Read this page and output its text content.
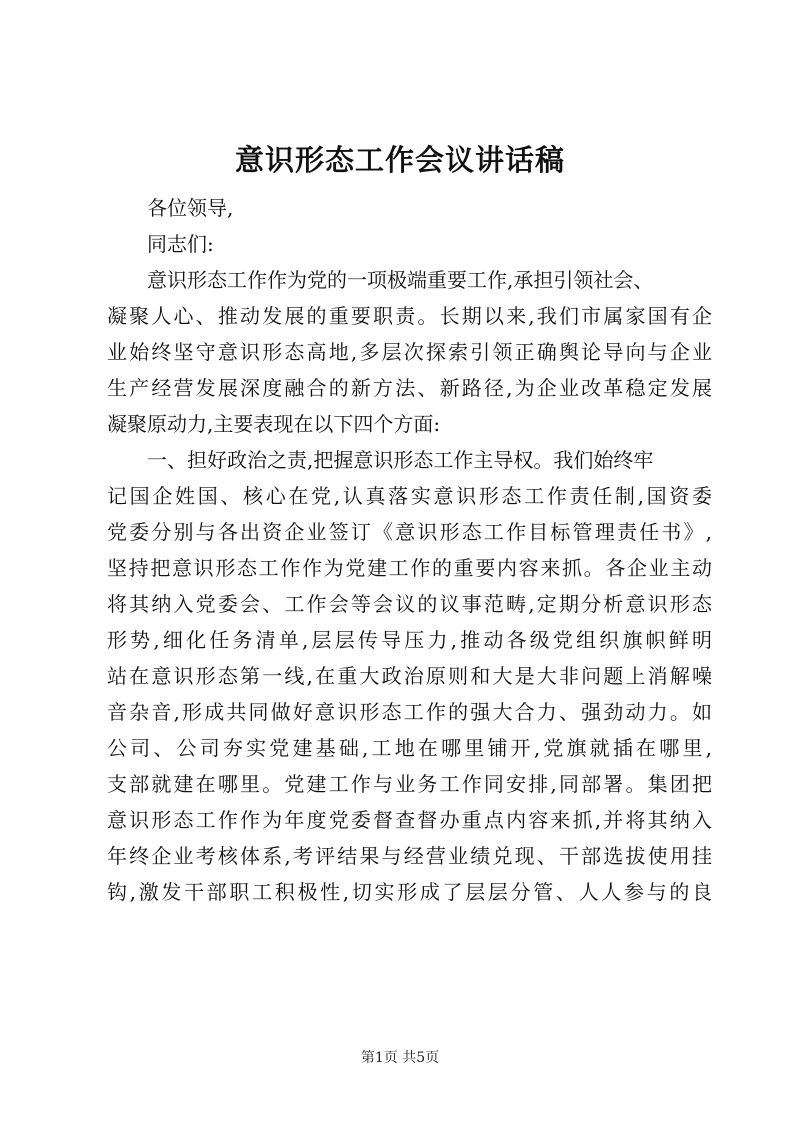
意识形态工作会议讲话稿
各位领导,
同志们:
意识形态工作作为党的一项极端重要工作,承担引领社会、
凝聚人心、推动发展的重要职责。长期以来,我们市属家国有企
业始终坚守意识形态高地,多层次探索引领正确舆论导向与企业
生产经营发展深度融合的新方法、新路径,为企业改革稳定发展
凝聚原动力,主要表现在以下四个方面:
一、担好政治之责,把握意识形态工作主导权。我们始终牢
记国企姓国、核心在党,认真落实意识形态工作责任制,国资委
党委分别与各出资企业签订《意识形态工作目标管理责任书》,
坚持把意识形态工作作为党建工作的重要内容来抓。各企业主动
将其纳入党委会、工作会等会议的议事范畴,定期分析意识形态
形势,细化任务清单,层层传导压力,推动各级党组织旗帜鲜明
站在意识形态第一线,在重大政治原则和大是大非问题上消解噪
音杂音,形成共同做好意识形态工作的强大合力、强劲动力。如
公司、公司夯实党建基础,工地在哪里铺开,党旗就插在哪里,
支部就建在哪里。党建工作与业务工作同安排,同部署。集团把
意识形态工作作为年度党委督查督办重点内容来抓,并将其纳入
年终企业考核体系,考评结果与经营业绩兑现、干部选拔使用挂
钩,激发干部职工积极性,切实形成了层层分管、人人参与的良
第1页 共5页
